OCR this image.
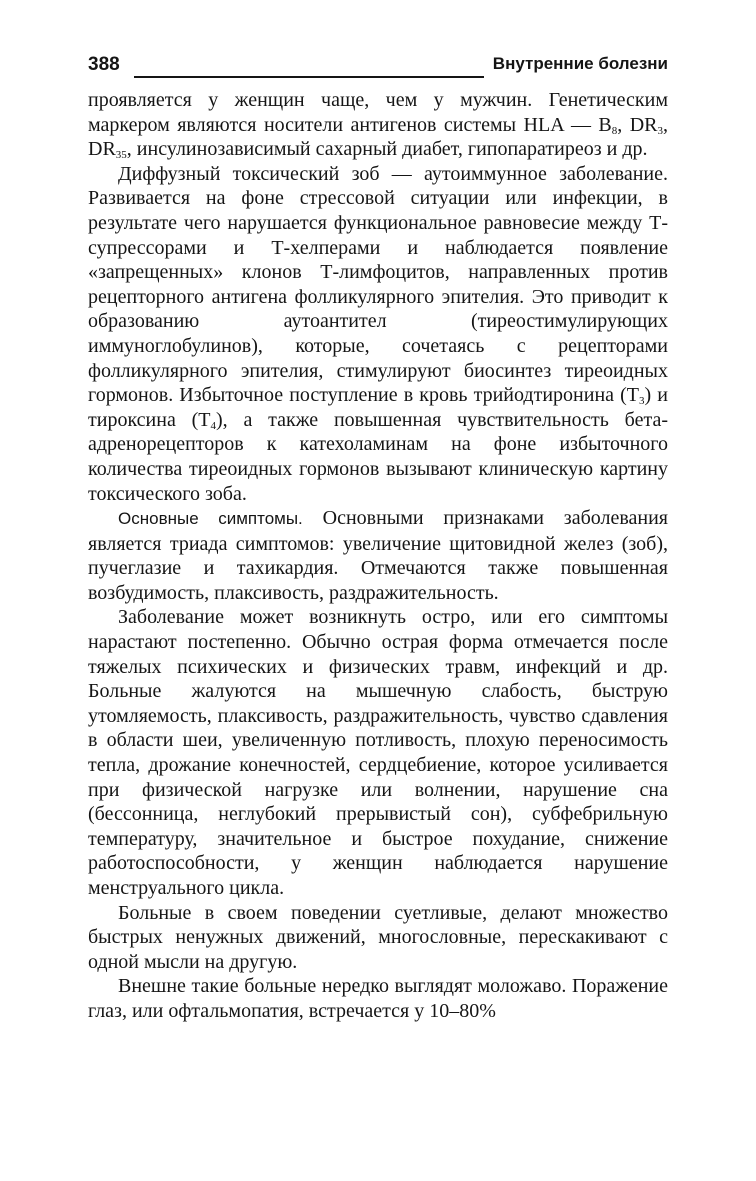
388	Внутренние болезни

проявляется у женщин чаще, чем у мужчин. Генетическим маркером являются носители антигенов системы HLA — $B_8$, $DR_3$, $DR_{35}$, инсулинозависимый сахарный диабет, гипопаратиреоз и др.

Диффузный токсический зоб — аутоиммунное заболевание. Развивается на фоне стрессовой ситуации или инфекции, в результате чего нарушается функциональное равновесие между Т-супрессорами и Т-хелперами и наблюдается появление «запрещенных» клонов Т-лимфоцитов, направленных против рецепторного антигена фолликулярного эпителия. Это приводит к образованию аутоантител (тиреостимулирующих иммуноглобулинов), которые, сочетаясь с рецепторами фолликулярного эпителия, стимулируют биосинтез тиреоидных гормонов. Избыточное поступление в кровь трийодтиронина $(Т_3)$ и тироксина $(Т_4)$, а также повышенная чувствительность бета-адренорецепторов к катехоламинам на фоне избыточного количества тиреоидных гормонов вызывают клиническую картину токсического зоба.

Основные симптомы. Основными признаками заболевания является триада симптомов: увеличение щитовидной желез (зоб), пучеглазие и тахикардия. Отмечаются также повышенная возбудимость, плаксивость, раздражительность.

Заболевание может возникнуть остро, или его симптомы нарастают постепенно. Обычно острая форма отмечается после тяжелых психических и физических травм, инфекций и др. Больные жалуются на мышечную слабость, быструю утомляемость, плаксивость, раздражительность, чувство сдавления в области шеи, увеличенную потливость, плохую переносимость тепла, дрожание конечностей, сердцебиение, которое усиливается при физической нагрузке или волнении, нарушение сна (бессонница, неглубокий прерывистый сон), субфебрильную температуру, значительное и быстрое похудание, снижение работоспособности, у женщин наблюдается нарушение менструального цикла.

Больные в своем поведении суетливые, делают множество быстрых ненужных движений, многословные, перескакивают с одной мысли на другую.

Внешне такие больные нередко выглядят моложаво. Поражение глаз, или офтальмопатия, встречается у 10–80%
